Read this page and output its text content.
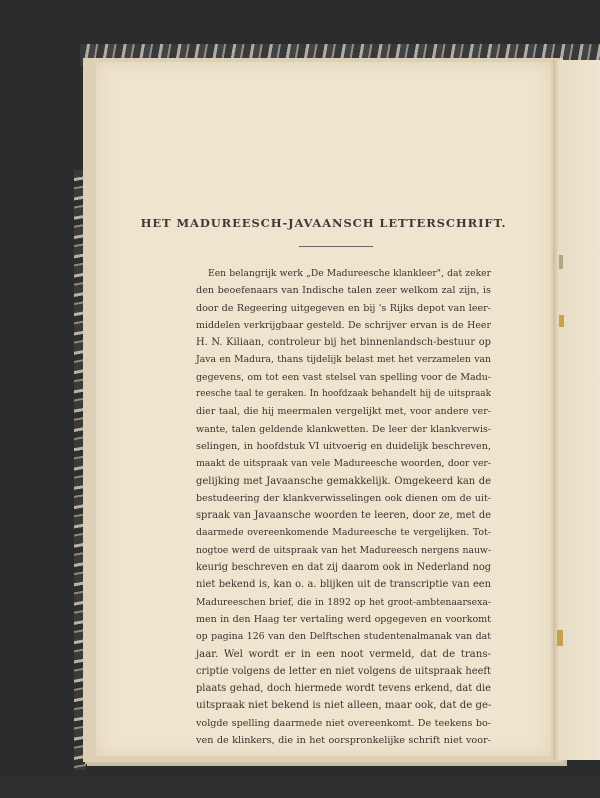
HET MADUREESCH-JAVAANSCH LETTERSCHRIFT.
Een belangrijk werk „De Madureesche klankleer", dat zeker
den beoefenaars van Indische talen zeer welkom zal zijn, is
door de Regeering uitgegeven en bij 's Rijks depot van leer-
middelen verkrijgbaar gesteld. De schrijver ervan is de Heer
H. N. Kiliaan, controleur bij het binnenlandsch-bestuur op
Java en Madura, thans tijdelijk belast met het verzamelen van
gegevens, om tot een vast stelsel van spelling voor de Madu-
reesche taal te geraken. In hoofdzaak behandelt hij de uitspraak
dier taal, die hij meermalen vergelijkt met, voor andere ver-
wante, talen geldende klankwetten. De leer der klankverwis-
selingen, in hoofdstuk VI uitvoerig en duidelijk beschreven,
maakt de uitspraak van vele Madureesche woorden, door ver-
gelijking met Javaansche gemakkelijk. Omgekeerd kan de
bestudeering der klankverwisselingen ook dienen om de uit-
spraak van Javaansche woorden te leeren, door ze, met de
daarmede overeenkomende Madureesche te vergelijken. Tot-
nogtoe werd de uitspraak van het Madureesch nergens nauw-
keurig beschreven en dat zij daarom ook in Nederland nog
niet bekend is, kan o. a. blijken uit de transcriptie van een
Madureeschen brief, die in 1892 op het groot-ambtenaarsexa-
men in den Haag ter vertaling werd opgegeven en voorkomt
op pagina 126 van den Delftschen studentenalmanak van dat
jaar. Wel wordt er in een noot vermeld, dat de trans-
criptie volgens de letter en niet volgens de uitspraak heeft
plaats gehad, doch hiermede wordt tevens erkend, dat die
uitspraak niet bekend is niet alleen, maar ook, dat de ge-
volgde spelling daarmede niet overeenkomt. De teekens bo-
ven de klinkers, die in het oorspronkelijke schrift niet voor-
